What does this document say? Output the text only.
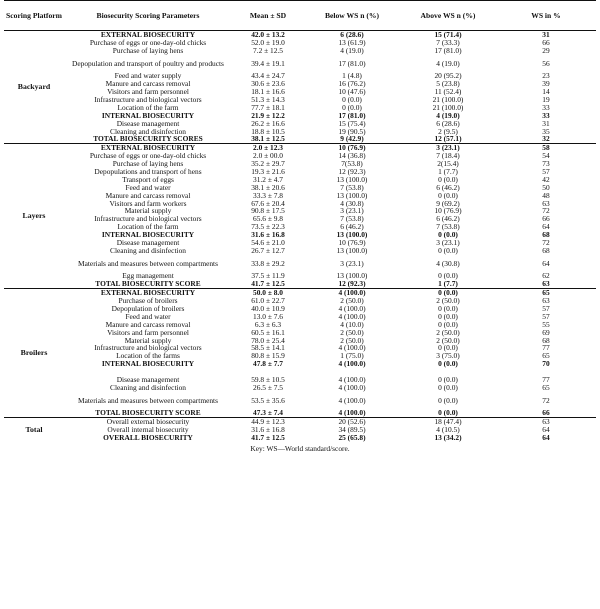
Scoring Platform	Biosecurity Scoring Parameters	Mean ± SD	Below WS n (%)	Above WS n (%)	WS in %
Backyard	EXTERNAL BIOSECURITY	42.0 ± 13.2	6 (28.6)	15 (71.4)	31
	Purchase of eggs or one-day-old chicks	52.0 ± 19.0	13 (61.9)	7 (33.3)	66
	Purchase of laying hens	7.2 ± 12.5	4 (19.0)	17 (81.0)	29
	Depopulation and transport of poultry and products	39.4 ± 19.1	17 (81.0)	4 (19.0)	56
	Feed and water supply	43.4 ± 24.7	1 (4.8)	20 (95.2)	23
	Manure and carcass removal	30.6 ± 23.6	16 (76.2)	5 (23.8)	39
	Visitors and farm personnel	18.1 ± 16.6	10 (47.6)	11 (52.4)	14
	Infrastructure and biological vectors	51.3 ± 14.3	0 (0.0)	21 (100.0)	19
	Location of the farm	77.7 ± 18.1	0 (0.0)	21 (100.0)	33
	INTERNAL BIOSECURITY	21.9 ± 12.2	17 (81.0)	4 (19.0)	33
	Disease management	26.2 ± 16.6	15 (75.4)	6 (28.6)	31
	Cleaning and disinfection	18.8 ± 10.5	19 (90.5)	2 (9.5)	35
	TOTAL BIOSECURITY SCORES	38.1 ± 12.5	9 (42.9)	12 (57.1)	32
Layers	EXTERNAL BIOSECURITY	2.0 ± 12.3	10 (76.9)	3 (23.1)	58
	Purchase of eggs or one-day-old chicks	2.0 ± 00.0	14 (36.8)	7 (18.4)	54
	Purchase of laying hens	35.2 ± 29.7	7(53.8)	2(15.4)	73
	Depopulations and transport of hens	19.3 ± 21.6	12 (92.3)	1 (7.7)	57
	Transport of eggs	31.2 ± 4.7	13 (100.0)	0 (0.0)	42
	Feed and water	38.1 ± 20.6	7 (53.8)	6 (46.2)	50
	Manure and carcass removal	33.3 ± 7.8	13 (100.0)	0 (0.0)	48
	Visitors and farm workers	67.6 ± 20.4	4 (30.8)	9 (69.2)	63
	Material supply	90.8 ± 17.5	3 (23.1)	10 (76.9)	72
	Infrastructure and biological vectors	65.6 ± 9.8	7 (53.8)	6 (46.2)	66
	Location of the farm	73.5 ± 22.3	6 (46.2)	7 (53.8)	64
	INTERNAL BIOSECURITY	31.6 ± 16.8	13 (100.0)	0 (0.0)	68
	Disease management	54.6 ± 21.0	10 (76.9)	3 (23.1)	72
	Cleaning and disinfection	26.7 ± 12.7	13 (100.0)	0 (0.0)	68
	Materials and measures between compartments	33.8 ± 29.2	3 (23.1)	4 (30.8)	64
	Egg management	37.5 ± 11.9	13 (100.0)	0 (0.0)	62
	TOTAL BIOSECURITY SCORE	41.7 ± 12.5	12 (92.3)	1 (7.7)	63
Broilers	EXTERNAL BIOSECURITY	50.0 ± 8.0	4 (100.0)	0 (0.0)	65
	Purchase of broilers	61.0 ± 22.7	2 (50.0)	2 (50.0)	63
	Depopulation of broilers	40.0 ± 10.9	4 (100.0)	0 (0.0)	57
	Feed and water	13.0 ± 7.6	4 (100.0)	0 (0.0)	57
	Manure and carcass removal	6.3 ± 6.3	4 (10.0)	0 (0.0)	55
	Visitors and farm personnel	60.5 ± 16.1	2 (50.0)	2 (50.0)	69
	Material supply	78.0 ± 25.4	2 (50.0)	2 (50.0)	68
	Infrastructure and biological vectors	58.5 ± 14.1	4 (100.0)	0 (0.0)	77
	Location of the farms	80.8 ± 15.9	1 (75.0)	3 (75.0)	65
	INTERNAL BIOSECURITY	47.8 ± 7.7	4 (100.0)	0 (0.0)	70

	Disease management	59.8 ± 10.5	4 (100.0)	0 (0.0)	77
	Cleaning and disinfection	26.5 ± 7.5	4 (100.0)	0 (0.0)	65
	Materials and measures between compartments	53.5 ± 35.6	4 (100.0)	0 (0.0)	72
	TOTAL BIOSECURITY SCORE	47.3 ± 7.4	4 (100.0)	0 (0.0)	66
Total	Overall external biosecurity	44.9 ± 12.3	20 (52.6)	18 (47.4)	63
	Overall internal biosecurity	31.6 ± 16.8	34 (89.5)	4 (10.5)	64
	OVERALL BIOSECURITY	41.7 ± 12.5	25 (65.8)	13 (34.2)	64
Key: WS—World standard/score.
